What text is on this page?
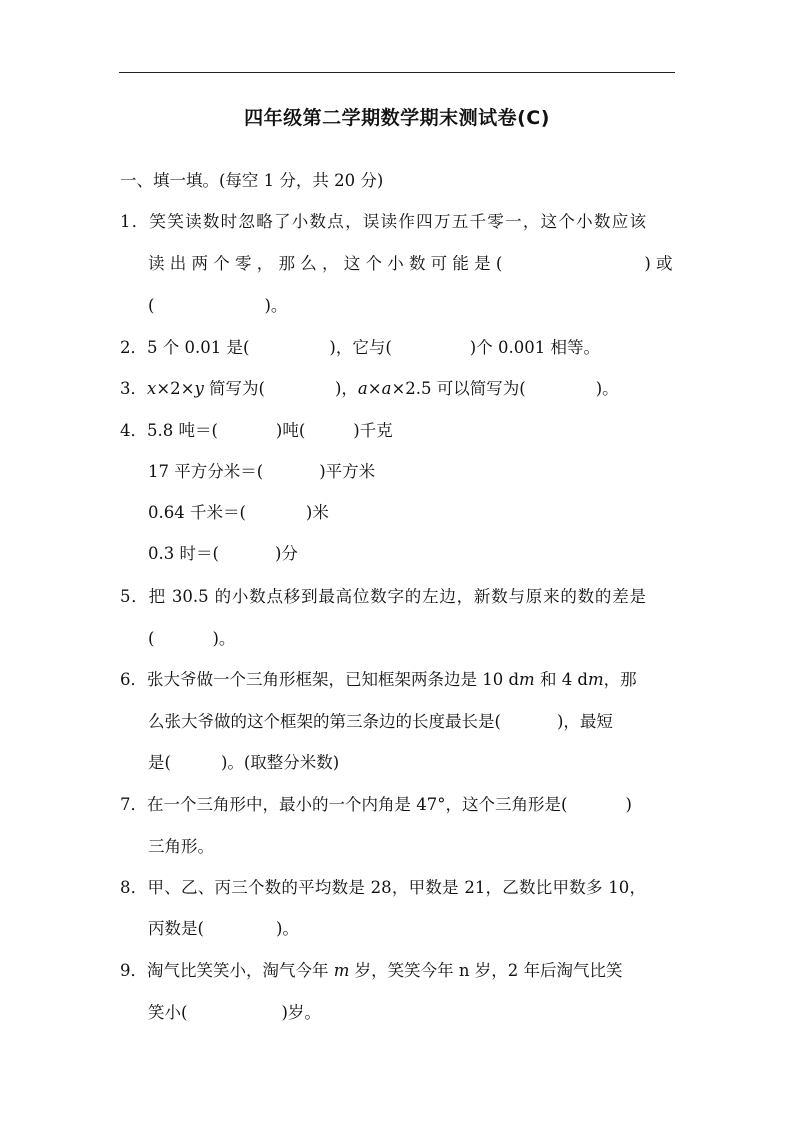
四年级第二学期数学期末测试卷(C)
一、填一填。(每空 1 分，共 20 分)
1．笑笑读数时忽略了小数点，误读作四万五千零一，这个小数应该
读 出 两 个 零 ， 那 么 ， 这 个 小 数 可 能 是 (	) 或
(	)。
2．5 个 0.01 是(	)，它与(	)个 0.001 相等。
3．x×2×y 简写为(	)，a×a×2.5 可以简写为(	)。
4．5.8 吨＝(	)吨(	)千克
17 平方分米＝(	)平方米
0.64 千米＝(	)米
0.3 时＝(	)分
5．把 30.5 的小数点移到最高位数字的左边，新数与原来的数的差是
(	)。
6．张大爷做一个三角形框架，已知框架两条边是 10 dm 和 4 dm，那
么张大爷做的这个框架的第三条边的长度最长是(	)，最短
是(	)。(取整分米数)
7．在一个三角形中，最小的一个内角是 47°，这个三角形是(	)
三角形。
8．甲、乙、丙三个数的平均数是 28，甲数是 21，乙数比甲数多 10，
丙数是(	)。
9．淘气比笑笑小，淘气今年 m 岁，笑笑今年 n 岁，2 年后淘气比笑
笑小(	)岁。
